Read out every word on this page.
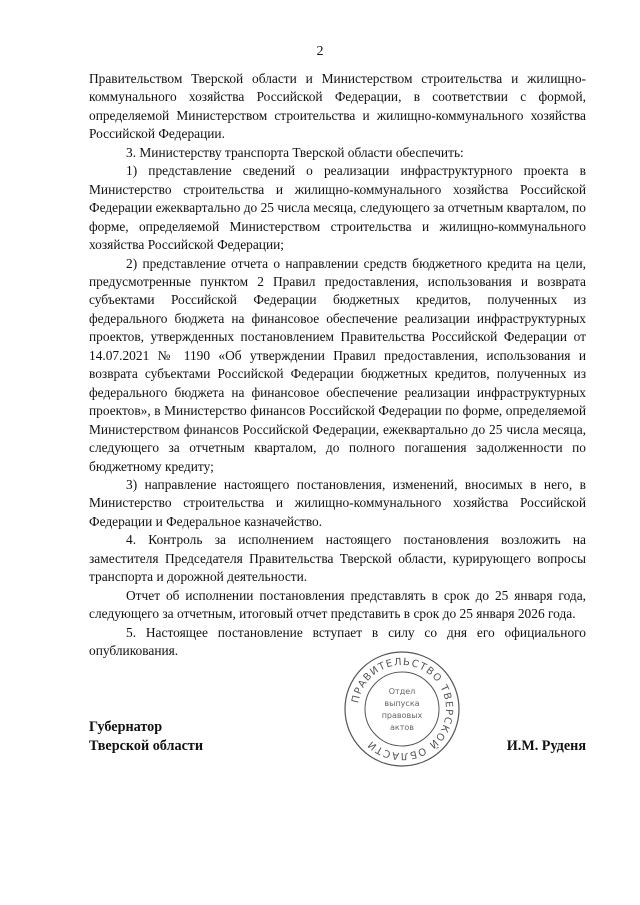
2

Правительством Тверской области и Министерством строительства и жилищно-коммунального хозяйства Российской Федерации, в соответствии с формой, определяемой Министерством строительства и жилищно-коммунального хозяйства Российской Федерации.

3. Министерству транспорта Тверской области обеспечить:

1) представление сведений о реализации инфраструктурного проекта в Министерство строительства и жилищно-коммунального хозяйства Российской Федерации ежеквартально до 25 числа месяца, следующего за отчетным кварталом, по форме, определяемой Министерством строительства и жилищно-коммунального хозяйства Российской Федерации;

2) представление отчета о направлении средств бюджетного кредита на цели, предусмотренные пунктом 2 Правил предоставления, использования и возврата субъектами Российской Федерации бюджетных кредитов, полученных из федерального бюджета на финансовое обеспечение реализации инфраструктурных проектов, утвержденных постановлением Правительства Российской Федерации от 14.07.2021 № 1190 «Об утверждении Правил предоставления, использования и возврата субъектами Российской Федерации бюджетных кредитов, полученных из федерального бюджета на финансовое обеспечение реализации инфраструктурных проектов», в Министерство финансов Российской Федерации по форме, определяемой Министерством финансов Российской Федерации, ежеквартально до 25 числа месяца, следующего за отчетным кварталом, до полного погашения задолженности по бюджетному кредиту;

3) направление настоящего постановления, изменений, вносимых в него, в Министерство строительства и жилищно-коммунального хозяйства Российской Федерации и Федеральное казначейство.

4. Контроль за исполнением настоящего постановления возложить на заместителя Председателя Правительства Тверской области, курирующего вопросы транспорта и дорожной деятельности.

Отчет об исполнении постановления представлять в срок до 25 января года, следующего за отчетным, итоговый отчет представить в срок до 25 января 2026 года.

5. Настоящее постановление вступает в силу со дня его официального опубликования.

ПРАВИТЕЛЬСТВО ТВЕРСКОЙ ОБЛАСТИ
Отдел
выпуска
правовых
актов
Губернатор
Тверской области	И.М. Руденя
